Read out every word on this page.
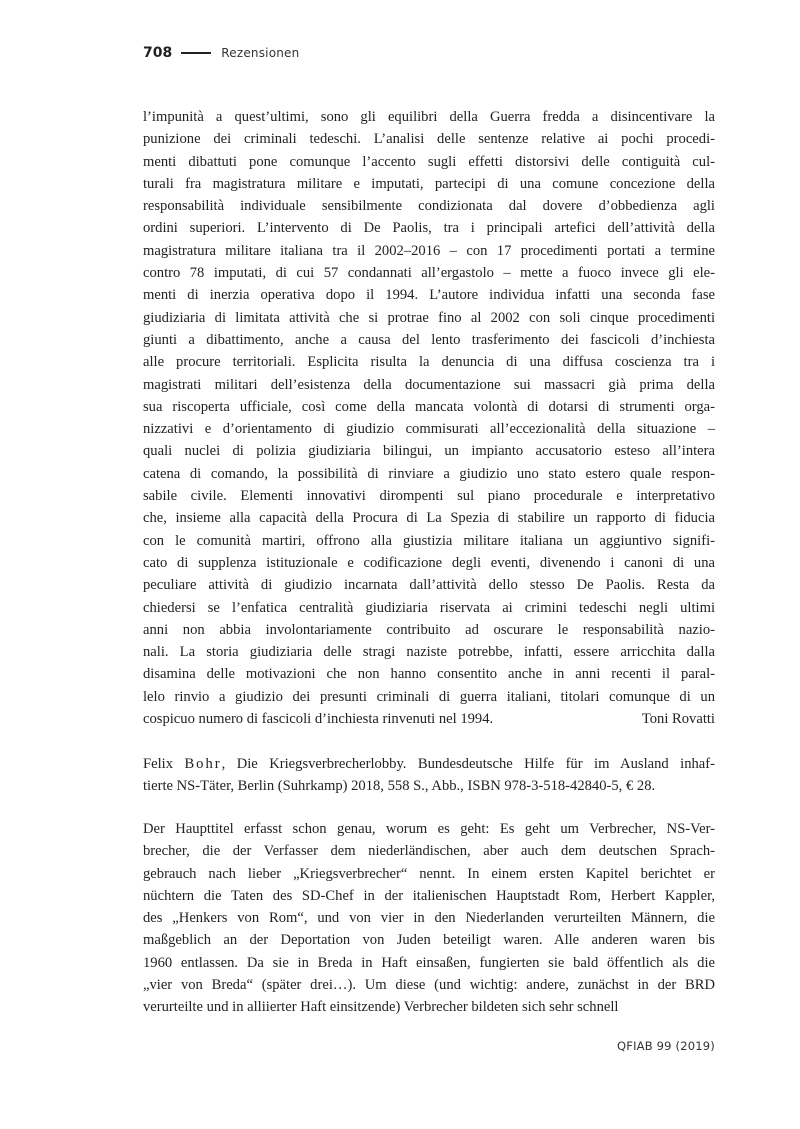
708	Rezensionen
l’impunità a quest’ultimi, sono gli equilibri della Guerra fredda a disincentivare la
punizione dei criminali tedeschi. L’analisi delle sentenze relative ai pochi procedi-
menti dibattuti pone comunque l’accento sugli effetti distorsivi delle contiguità cul-
turali fra magistratura militare e imputati, partecipi di una comune concezione della
responsabilità individuale sensibilmente condizionata dal dovere d’obbedienza agli
ordini superiori. L’intervento di De Paolis, tra i principali artefici dell’attività della
magistratura militare italiana tra il 2002–2016 – con 17 procedimenti portati a termine
contro 78 imputati, di cui 57 condannati all’ergastolo – mette a fuoco invece gli ele-
menti di inerzia operativa dopo il 1994. L’autore individua infatti una seconda fase
giudiziaria di limitata attività che si protrae fino al 2002 con soli cinque procedimenti
giunti a dibattimento, anche a causa del lento trasferimento dei fascicoli d’inchiesta
alle procure territoriali. Esplicita risulta la denuncia di una diffusa coscienza tra i
magistrati militari dell’esistenza della documentazione sui massacri già prima della
sua riscoperta ufficiale, così come della mancata volontà di dotarsi di strumenti orga-
nizzativi e d’orientamento di giudizio commisurati all’eccezionalità della situazione –
quali nuclei di polizia giudiziaria bilingui, un impianto accusatorio esteso all’intera
catena di comando, la possibilità di rinviare a giudizio uno stato estero quale respon-
sabile civile. Elementi innovativi dirompenti sul piano procedurale e interpretativo
che, insieme alla capacità della Procura di La Spezia di stabilire un rapporto di fiducia
con le comunità martiri, offrono alla giustizia militare italiana un aggiuntivo signifi-
cato di supplenza istituzionale e codificazione degli eventi, divenendo i canoni di una
peculiare attività di giudizio incarnata dall’attività dello stesso De Paolis. Resta da
chiedersi se l’enfatica centralità giudiziaria riservata ai crimini tedeschi negli ultimi
anni non abbia involontariamente contribuito ad oscurare le responsabilità nazio-
nali. La storia giudiziaria delle stragi naziste potrebbe, infatti, essere arricchita dalla
disamina delle motivazioni che non hanno consentito anche in anni recenti il paral-
lelo rinvio a giudizio dei presunti criminali di guerra italiani, titolari comunque di un
cospicuo numero di fascicoli d’inchiesta rinvenuti nel 1994.	Toni Rovatti
Felix Bohr, Die Kriegsverbrecherlobby. Bundesdeutsche Hilfe für im Ausland inhaf-
tierte NS-Täter, Berlin (Suhrkamp) 2018, 558 S., Abb., ISBN 978-3-518-42840-5, € 28.
Der Haupttitel erfasst schon genau, worum es geht: Es geht um Verbrecher, NS-Ver-
brecher, die der Verfasser dem niederländischen, aber auch dem deutschen Sprach-
gebrauch nach lieber „Kriegsverbrecher“ nennt. In einem ersten Kapitel berichtet er
nüchtern die Taten des SD-Chef in der italienischen Hauptstadt Rom, Herbert Kappler,
des „Henkers von Rom“, und von vier in den Niederlanden verurteilten Männern, die
maßgeblich an der Deportation von Juden beteiligt waren. Alle anderen waren bis
1960 entlassen. Da sie in Breda in Haft einsaßen, fungierten sie bald öffentlich als die
„vier von Breda“ (später drei…). Um diese (und wichtig: andere, zunächst in der BRD
verurteilte und in alliierter Haft einsitzende) Verbrecher bildeten sich sehr schnell
QFIAB 99 (2019)
